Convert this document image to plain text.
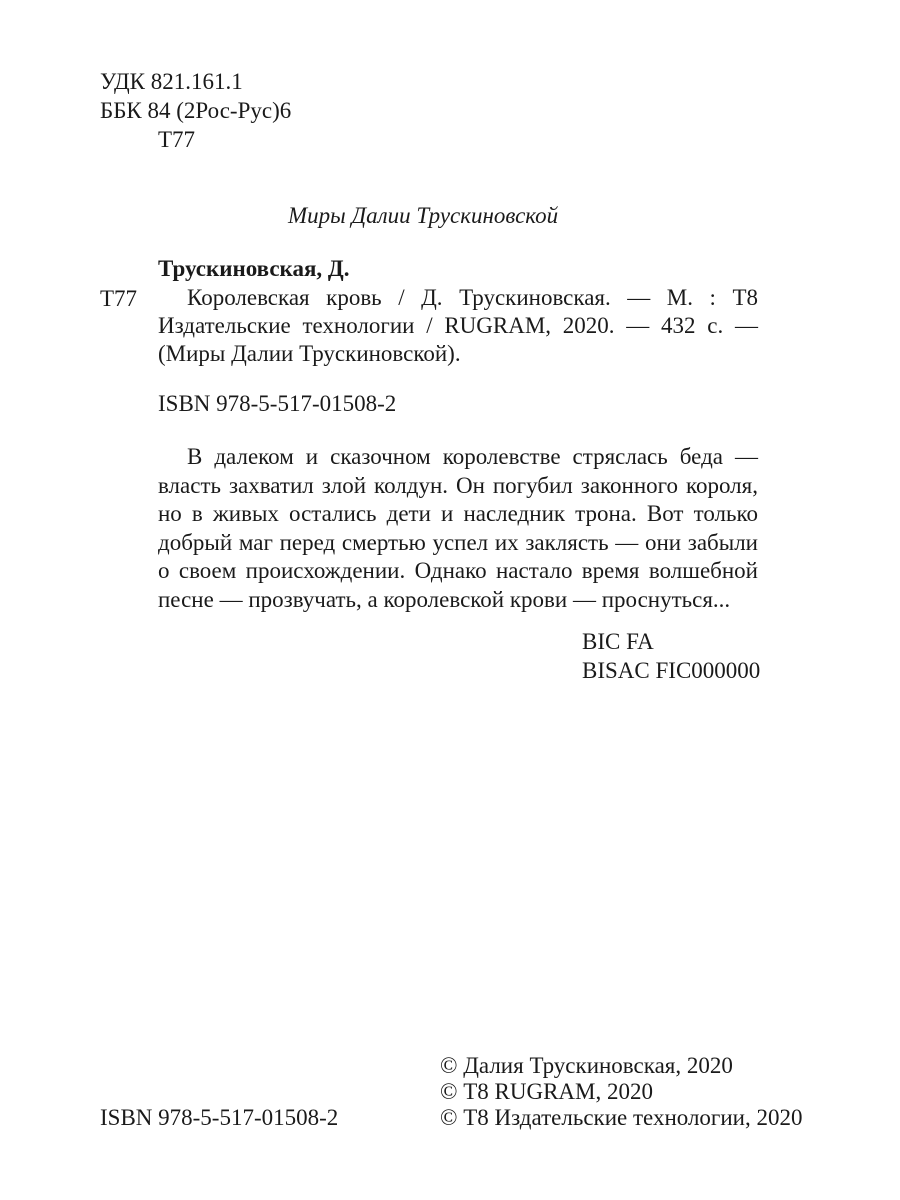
УДК 821.161.1
ББК 84 (2Рос-Рус)6
Т77
Миры Далии Трускиновской
Трускиновская, Д.
Т77	Королевская кровь / Д. Трускиновская. — М. : Т8 Издательские технологии / RUGRAM, 2020. — 432 с. — (Миры Далии Трускиновской).
ISBN 978-5-517-01508-2
В далеком и сказочном королевстве стряслась беда — власть захватил злой колдун. Он погубил законного короля, но в живых остались дети и наследник трона. Вот только добрый маг перед смертью успел их заклясть — они забыли о своем происхождении. Однако настало время волшебной песне — прозвучать, а королевской крови — проснуться...
BIC FA
BISAC FIC000000
© Далия Трускиновская, 2020
© Т8 RUGRAM, 2020
© Т8 Издательские технологии, 2020
ISBN 978-5-517-01508-2
